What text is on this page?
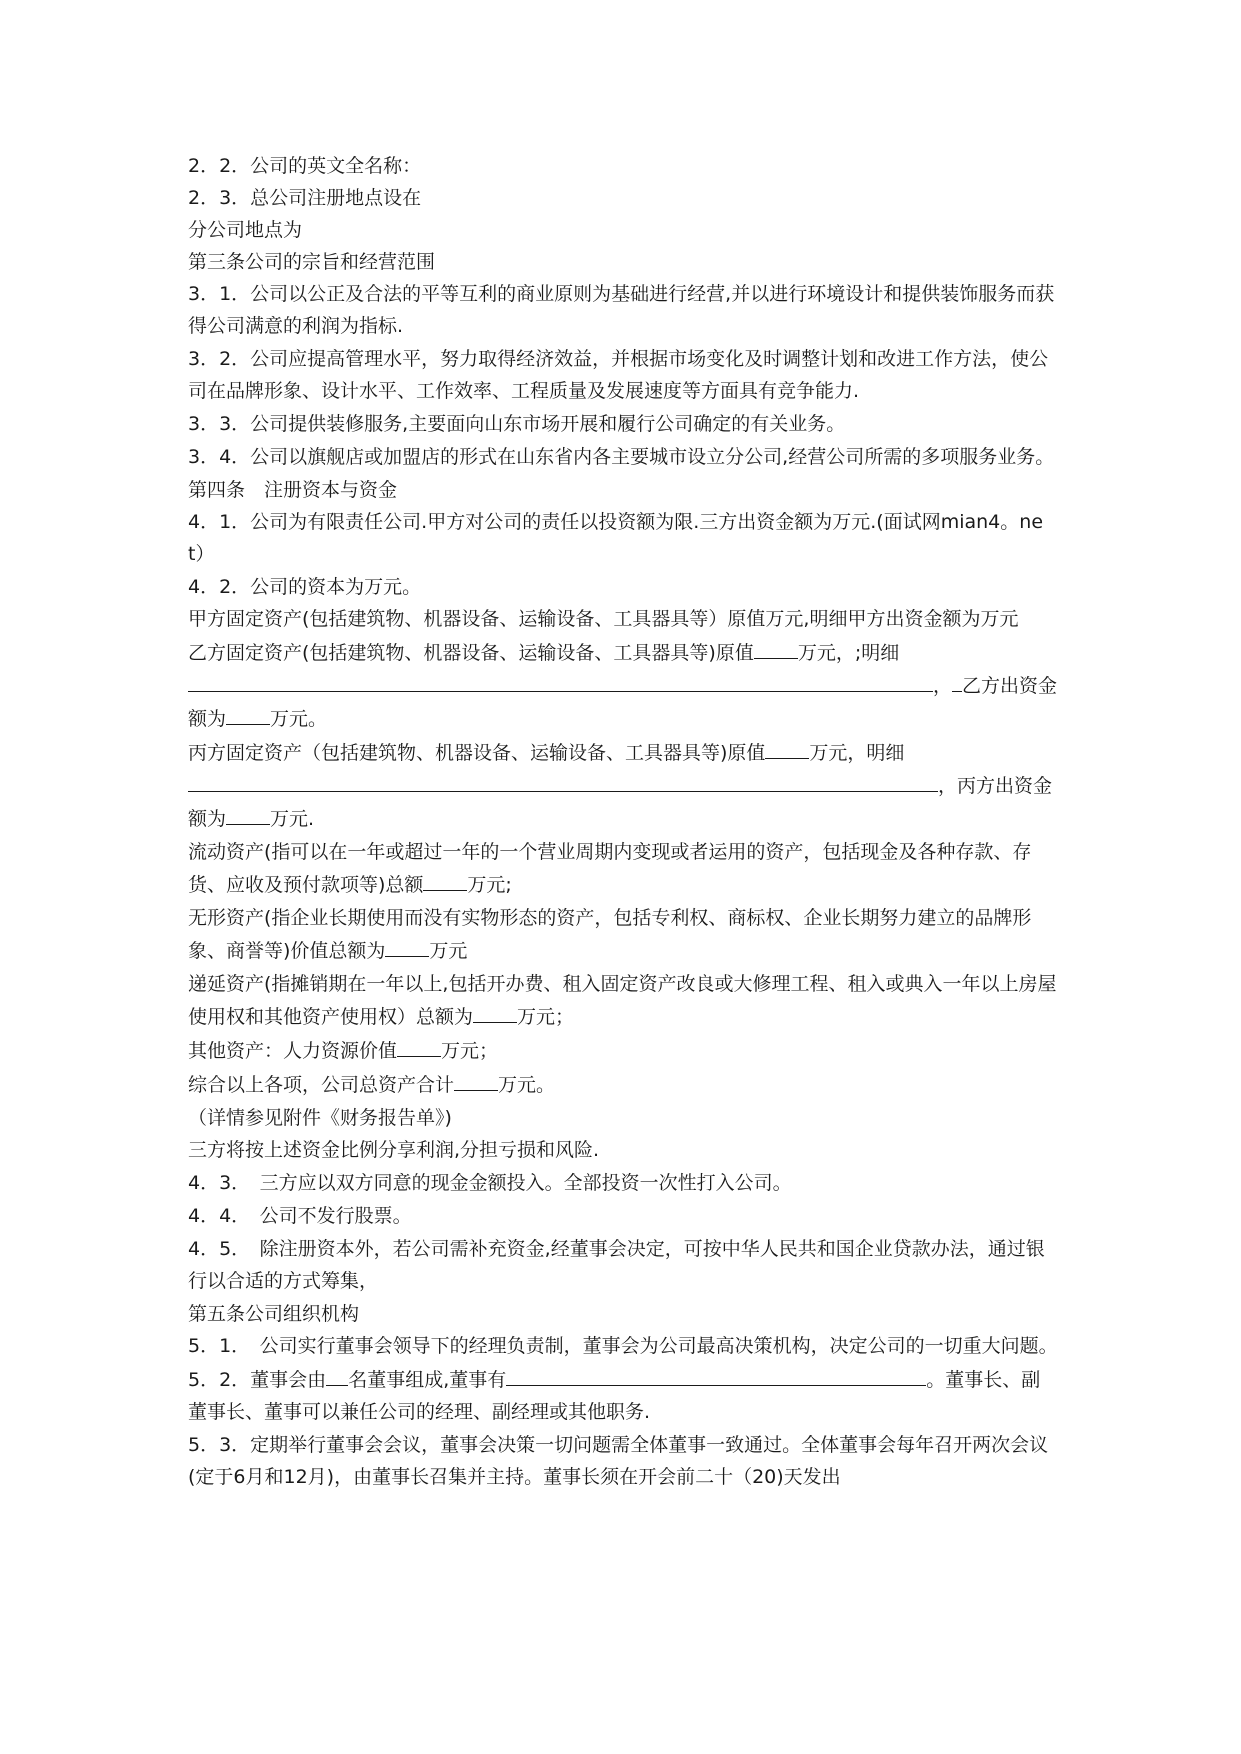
2．2．公司的英文全名称：
2．3．总公司注册地点设在
分公司地点为
第三条公司的宗旨和经营范围
3．1．公司以公正及合法的平等互利的商业原则为基础进行经营,并以进行环境设计和提供装饰服务而获得公司满意的利润为指标.
3．2．公司应提高管理水平，努力取得经济效益，并根据市场变化及时调整计划和改进工作方法，使公司在品牌形象、设计水平、工作效率、工程质量及发展速度等方面具有竞争能力.
3．3．公司提供装修服务,主要面向山东市场开展和履行公司确定的有关业务。
3．4．公司以旗舰店或加盟店的形式在山东省内各主要城市设立分公司,经营公司所需的多项服务业务。
第四条　注册资本与资金
4．1．公司为有限责任公司.甲方对公司的责任以投资额为限.三方出资金额为万元.(面试网mian4。net）
4．2．公司的资本为万元。
甲方固定资产(包括建筑物、机器设备、运输设备、工具器具等）原值万元,明细甲方出资金额为万元
乙方固定资产(包括建筑物、机器设备、运输设备、工具器具等)原值 万元，;明细
， 乙方出资金额为 万元。
丙方固定资产（包括建筑物、机器设备、运输设备、工具器具等)原值 万元，明细
，丙方出资金额为 万元.
流动资产(指可以在一年或超过一年的一个营业周期内变现或者运用的资产，包括现金及各种存款、存货、应收及预付款项等)总额 万元;
无形资产(指企业长期使用而没有实物形态的资产，包括专利权、商标权、企业长期努力建立的品牌形象、商誉等)价值总额为 万元
递延资产(指摊销期在一年以上,包括开办费、租入固定资产改良或大修理工程、租入或典入一年以上房屋使用权和其他资产使用权）总额为 万元；
其他资产：人力资源价值 万元；
综合以上各项，公司总资产合计 万元。
（详情参见附件《财务报告单》)
三方将按上述资金比例分享利润,分担亏损和风险.
4．3．　三方应以双方同意的现金金额投入。全部投资一次性打入公司。
4．4．　公司不发行股票。
4．5．　除注册资本外，若公司需补充资金,经董事会决定，可按中华人民共和国企业贷款办法，通过银行以合适的方式筹集，
第五条公司组织机构
5．1．　公司实行董事会领导下的经理负责制，董事会为公司最高决策机构，决定公司的一切重大问题。
5．2．董事会由 名董事组成,董事有	。董事长、副董事长、董事可以兼任公司的经理、副经理或其他职务.
5．3．定期举行董事会会议，董事会决策一切问题需全体董事一致通过。全体董事会每年召开两次会议(定于6月和12月)，由董事长召集并主持。董事长须在开会前二十（20)天发出
